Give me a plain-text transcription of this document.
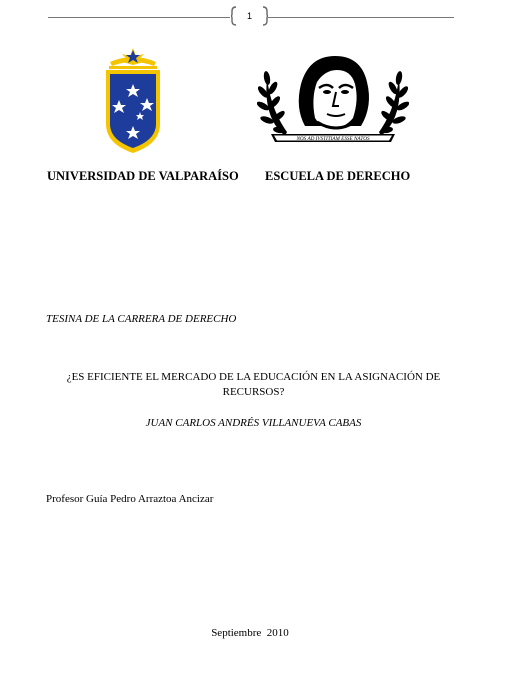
1
NOS AD IVSTITIAM ESSE NATOS
UNIVERSIDAD DE VALPARAÍSO ESCUELA DE DERECHO
TESINA DE LA CARRERA DE DERECHO
¿ES EFICIENTE EL MERCADO DE LA EDUCACIÓN EN LA ASIGNACIÓN DE
RECURSOS?
JUAN CARLOS ANDRÉS VILLANUEVA CABAS
Profesor Guía Pedro Arraztoa Ancizar
Septiembre  2010
